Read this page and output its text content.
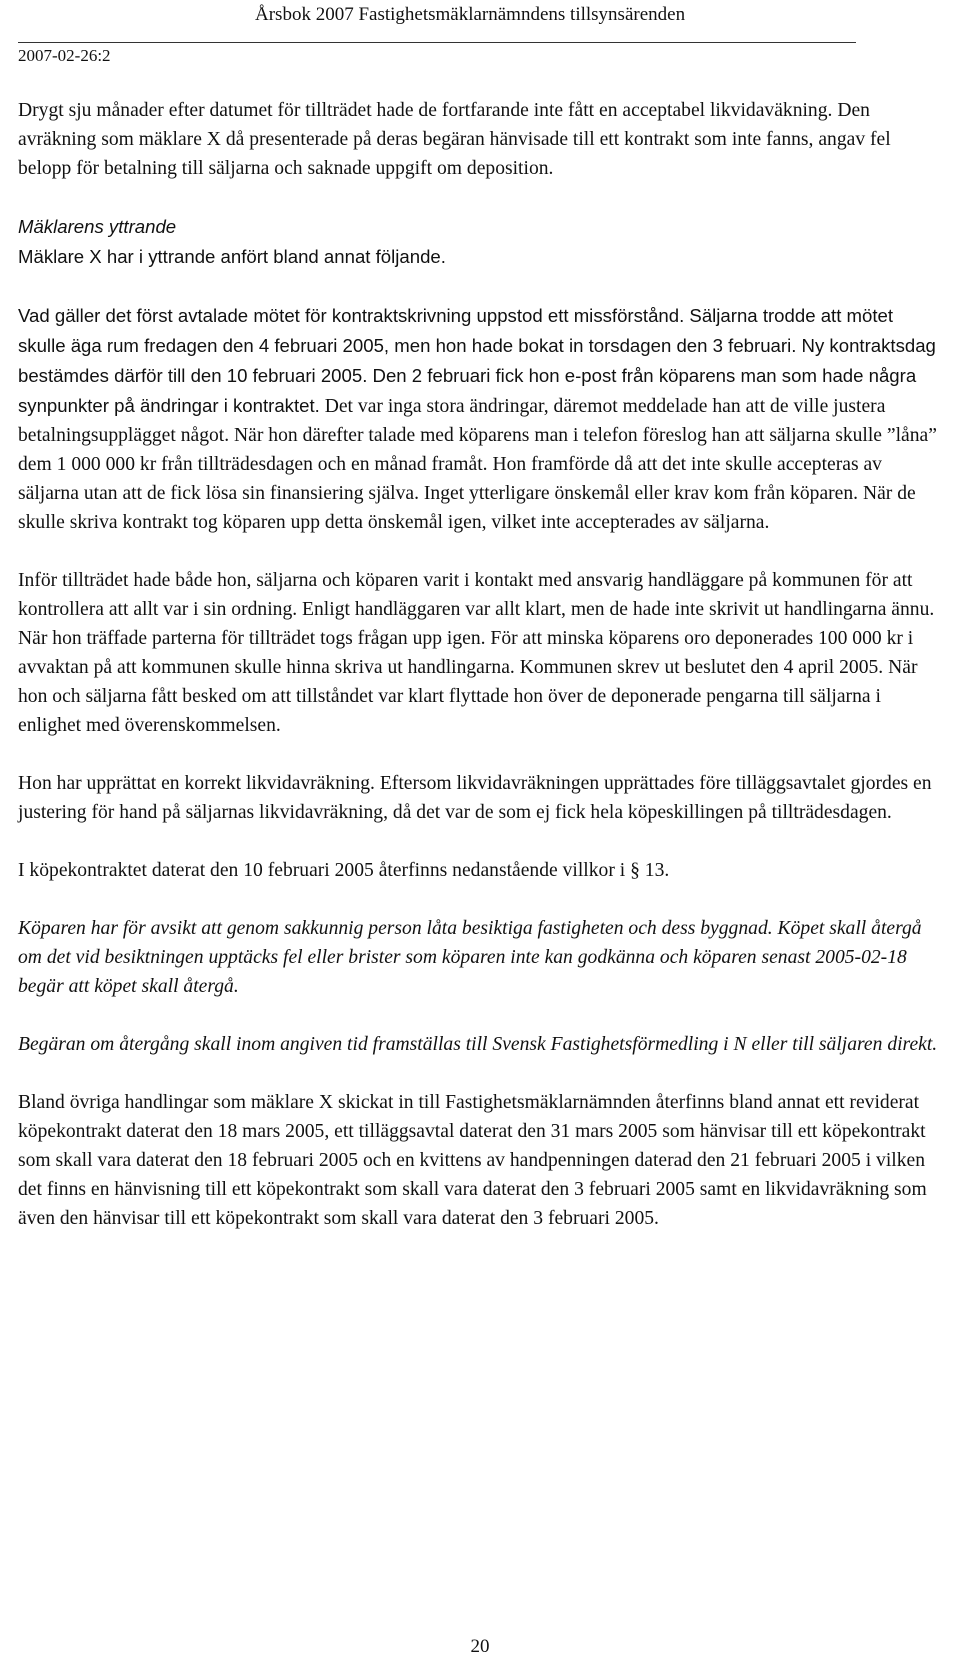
Årsbok 2007 Fastighetsmäklarnämndens tillsynsärenden
2007-02-26:2

Drygt sju månader efter datumet för tillträdet hade de fortfarande inte fått en acceptabel likvidaväkning. Den avräkning som mäklare X då presenterade på deras begäran hänvisade till ett kontrakt som inte fanns, angav fel belopp för betalning till säljarna och saknade uppgift om deposition.

Mäklarens yttrande

Mäklare X har i yttrande anfört bland annat följande.

Vad gäller det först avtalade mötet för kontraktskrivning uppstod ett missförstånd. Säljarna trodde att mötet skulle äga rum fredagen den 4 februari 2005, men hon hade bokat in torsdagen den 3 februari. Ny kontraktsdag bestämdes därför till den 10 februari 2005. Den 2 februari fick hon e-post från köparens man som hade några synpunkter på ändringar i kontraktet. Det var inga stora ändringar, däremot meddelade han att de ville justera betalningsupplägget något. När hon därefter talade med köparens man i telefon föreslog han att säljarna skulle ”låna” dem 1 000 000 kr från tillträdesdagen och en månad framåt. Hon framförde då att det inte skulle accepteras av säljarna utan att de fick lösa sin finansiering själva. Inget ytterligare önskemål eller krav kom från köparen. När de skulle skriva kontrakt tog köparen upp detta önskemål igen, vilket inte accepterades av säljarna.

Inför tillträdet hade både hon, säljarna och köparen varit i kontakt med ansvarig handläggare på kommunen för att kontrollera att allt var i sin ordning. Enligt handläggaren var allt klart, men de hade inte skrivit ut handlingarna ännu. När hon träffade parterna för tillträdet togs frågan upp igen. För att minska köparens oro deponerades 100 000 kr i avvaktan på att kommunen skulle hinna skriva ut handlingarna. Kommunen skrev ut beslutet den 4 april 2005. När hon och säljarna fått besked om att tillståndet var klart flyttade hon över de deponerade pengarna till säljarna i enlighet med överenskommelsen.

Hon har upprättat en korrekt likvidavräkning. Eftersom likvidavräkningen upprättades före tilläggsavtalet gjordes en justering för hand på säljarnas likvidavräkning, då det var de som ej fick hela köpeskillingen på tillträdesdagen.

I köpekontraktet daterat den 10 februari 2005 återfinns nedanstående villkor i § 13.

Köparen har för avsikt att genom sakkunnig person låta besiktiga fastigheten och dess byggnad. Köpet skall återgå om det vid besiktningen upptäcks fel eller brister som köparen inte kan godkänna och köparen senast 2005-02-18 begär att köpet skall återgå.

Begäran om återgång skall inom angiven tid framställas till Svensk Fastighetsförmedling i N eller till säljaren direkt.

Bland övriga handlingar som mäklare X skickat in till Fastighetsmäklarnämnden återfinns bland annat ett reviderat köpekontrakt daterat den 18 mars 2005, ett tilläggsavtal daterat den 31 mars 2005 som hänvisar till ett köpekontrakt som skall vara daterat den 18 februari 2005 och en kvittens av handpenningen daterad den 21 februari 2005 i vilken det finns en hänvisning till ett köpekontrakt som skall vara daterat den 3 februari 2005 samt en likvidavräkning som även den hänvisar till ett köpekontrakt som skall vara daterat den 3 februari 2005.

20
